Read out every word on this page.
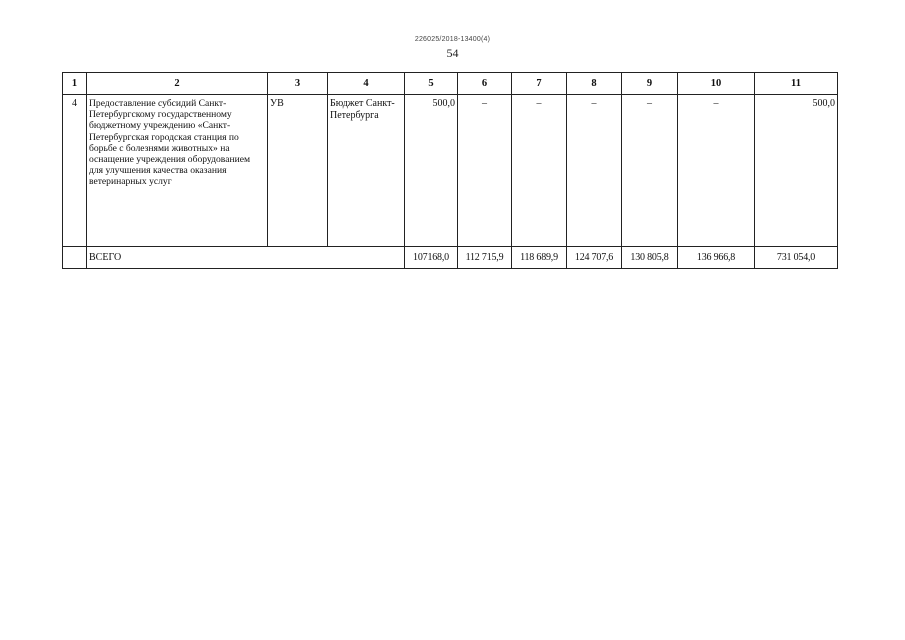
226025/2018-13400(4)
54
1	2	3	4	5	6	7	8	9	10	11
4	Предоставление субсидий Санкт-Петербургскому государственному бюджетному учреждению «Санкт-Петербургская городская станция по борьбе с болезнями животных» на оснащение учреждения оборудованием для улучшения качества оказания ветеринарных услуг	УВ	Бюджет Санкт-Петербурга	500,0	–	–	–	–	–	500,0
	ВСЕГО			107168,0	112 715,9	118 689,9	124 707,6	130 805,8	136 966,8	731 054,0
